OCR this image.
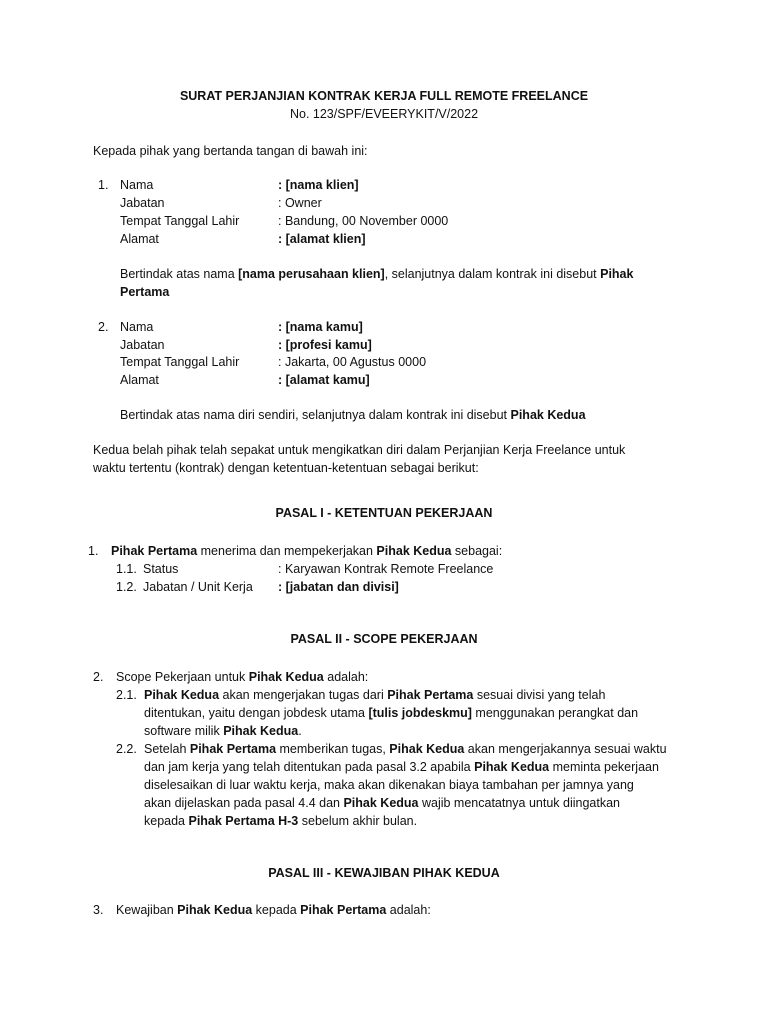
SURAT PERJANJIAN KONTRAK KERJA FULL REMOTE FREELANCE
No. 123/SPF/EVEERYKIT/V/2022
Kepada pihak yang bertanda tangan di bawah ini:
1. Nama	: [nama klien]
Jabatan	: Owner
Tempat Tanggal Lahir	: Bandung, 00 November 0000
Alamat	: [alamat klien]
Bertindak atas nama [nama perusahaan klien], selanjutnya dalam kontrak ini disebut Pihak
Pertama
2. Nama	: [nama kamu]
Jabatan	: [profesi kamu]
Tempat Tanggal Lahir	: Jakarta, 00 Agustus 0000
Alamat	: [alamat kamu]
Bertindak atas nama diri sendiri, selanjutnya dalam kontrak ini disebut Pihak Kedua
Kedua belah pihak telah sepakat untuk mengikatkan diri dalam Perjanjian Kerja Freelance untuk
waktu tertentu (kontrak) dengan ketentuan-ketentuan sebagai berikut:
PASAL I - KETENTUAN PEKERJAAN
1. Pihak Pertama menerima dan mempekerjakan Pihak Kedua sebagai:
1.1. Status	: Karyawan Kontrak Remote Freelance
1.2. Jabatan / Unit Kerja : [jabatan dan divisi]
PASAL II - SCOPE PEKERJAAN
2. Scope Pekerjaan untuk Pihak Kedua adalah:
2.1. Pihak Kedua akan mengerjakan tugas dari Pihak Pertama sesuai divisi yang telah
ditentukan, yaitu dengan jobdesk utama [tulis jobdeskmu] menggunakan perangkat dan
software milik Pihak Kedua.
2.2. Setelah Pihak Pertama memberikan tugas, Pihak Kedua akan mengerjakannya sesuai waktu
dan jam kerja yang telah ditentukan pada pasal 3.2 apabila Pihak Kedua meminta pekerjaan
diselesaikan di luar waktu kerja, maka akan dikenakan biaya tambahan per jamnya yang
akan dijelaskan pada pasal 4.4 dan Pihak Kedua wajib mencatatnya untuk diingatkan
kepada Pihak Pertama H-3 sebelum akhir bulan.
PASAL III - KEWAJIBAN PIHAK KEDUA
3. Kewajiban Pihak Kedua kepada Pihak Pertama adalah:
